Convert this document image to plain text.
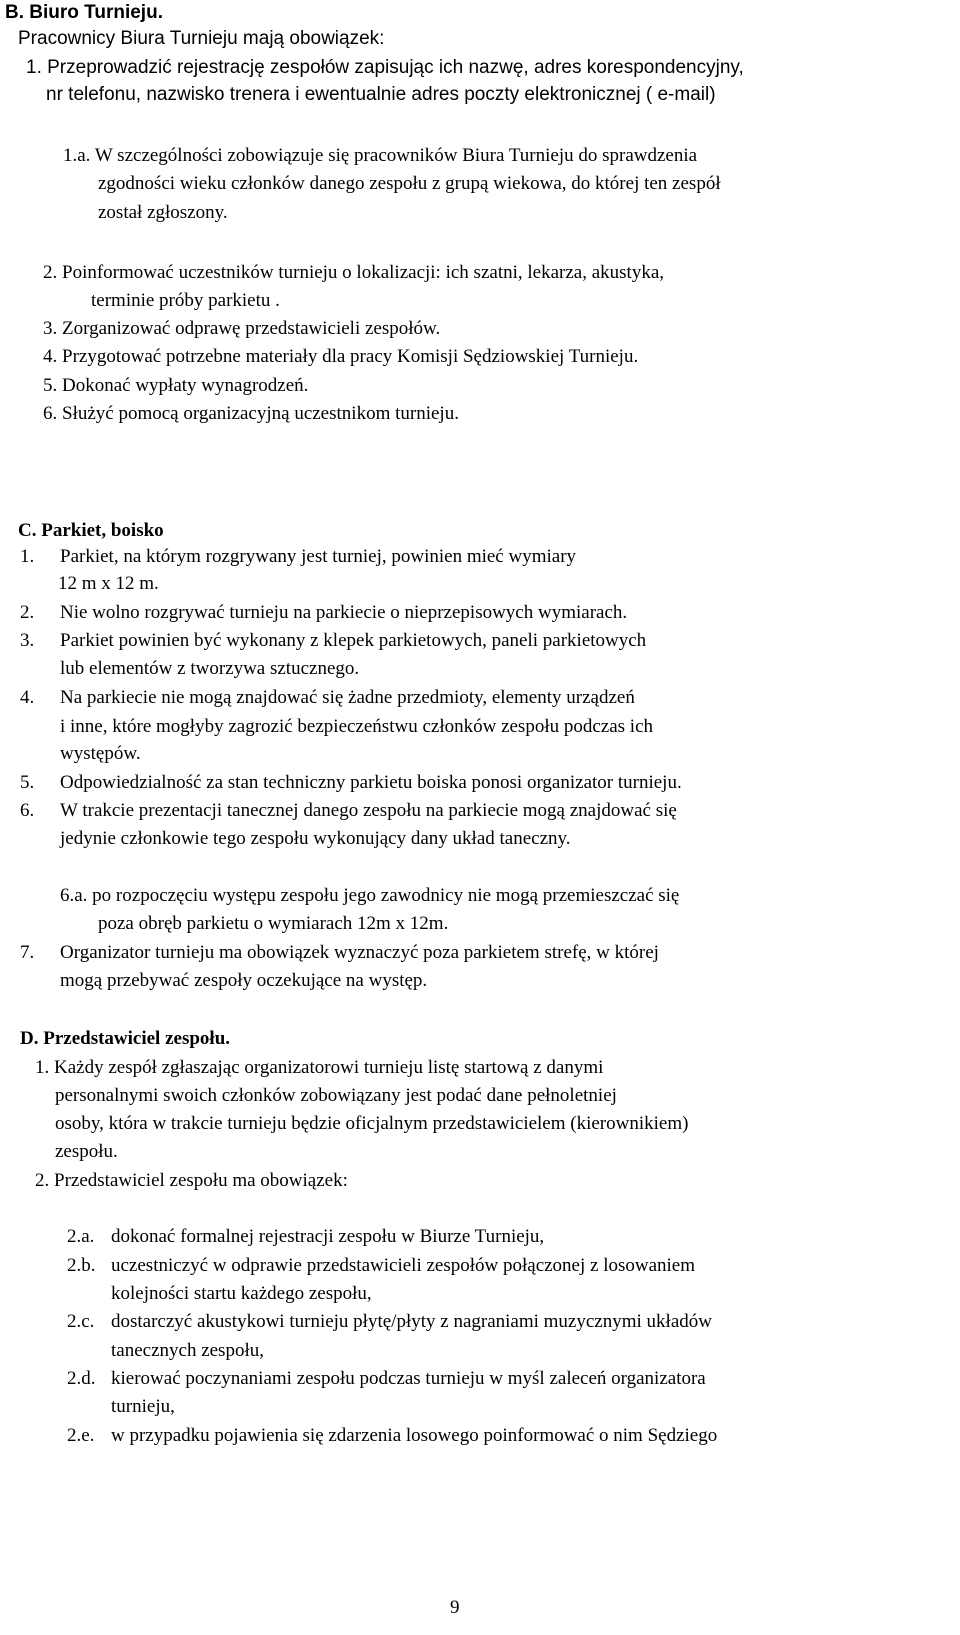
B. Biuro Turnieju.
Pracownicy Biura Turnieju mają obowiązek:
1. Przeprowadzić rejestrację zespołów zapisując ich nazwę, adres korespondencyjny,
nr telefonu, nazwisko trenera i ewentualnie adres poczty elektronicznej ( e-mail)
1.a. W szczególności zobowiązuje się pracowników Biura Turnieju do sprawdzenia
zgodności wieku członków danego zespołu z grupą wiekowa, do której ten zespół
został zgłoszony.
2. Poinformować uczestników turnieju o lokalizacji: ich szatni, lekarza, akustyka,
terminie próby parkietu .
3. Zorganizować odprawę przedstawicieli zespołów.
4. Przygotować potrzebne materiały dla pracy Komisji Sędziowskiej Turnieju.
5. Dokonać wypłaty wynagrodzeń.
6. Służyć pomocą organizacyjną uczestnikom turnieju.
C. Parkiet, boisko
1. Parkiet, na którym rozgrywany jest turniej, powinien mieć wymiary
12 m x 12 m.
2. Nie wolno rozgrywać turnieju na parkiecie o nieprzepisowych wymiarach.
3. Parkiet powinien być wykonany z klepek parkietowych, paneli parkietowych
lub elementów z tworzywa sztucznego.
4. Na parkiecie nie mogą znajdować się żadne przedmioty, elementy urządzeń
i inne, które mogłyby zagrozić bezpieczeństwu członków zespołu podczas ich
występów.
5. Odpowiedzialność za stan techniczny parkietu boiska ponosi organizator turnieju.
6. W trakcie prezentacji tanecznej danego zespołu na parkiecie mogą znajdować się
jedynie członkowie tego zespołu wykonujący dany układ taneczny.
6.a. po rozpoczęciu występu zespołu jego zawodnicy nie mogą przemieszczać się
poza obręb parkietu o wymiarach 12m x 12m.
7. Organizator turnieju ma obowiązek wyznaczyć poza parkietem strefę, w której
mogą przebywać zespoły oczekujące na występ.
D. Przedstawiciel zespołu.
1. Każdy zespół zgłaszając organizatorowi turnieju listę startową z danymi
personalnymi swoich członków zobowiązany jest podać dane pełnoletniej
osoby, która w trakcie turnieju będzie oficjalnym przedstawicielem (kierownikiem)
zespołu.
2. Przedstawiciel zespołu ma obowiązek:
2.a. dokonać formalnej rejestracji zespołu w Biurze Turnieju,
2.b. uczestniczyć w odprawie przedstawicieli zespołów połączonej z losowaniem
kolejności startu każdego zespołu,
2.c. dostarczyć akustykowi turnieju płytę/płyty z nagraniami muzycznymi układów
tanecznych zespołu,
2.d. kierować poczynaniami zespołu podczas turnieju w myśl zaleceń organizatora
turnieju,
2.e. w przypadku pojawienia się zdarzenia losowego poinformować o nim Sędziego
9
